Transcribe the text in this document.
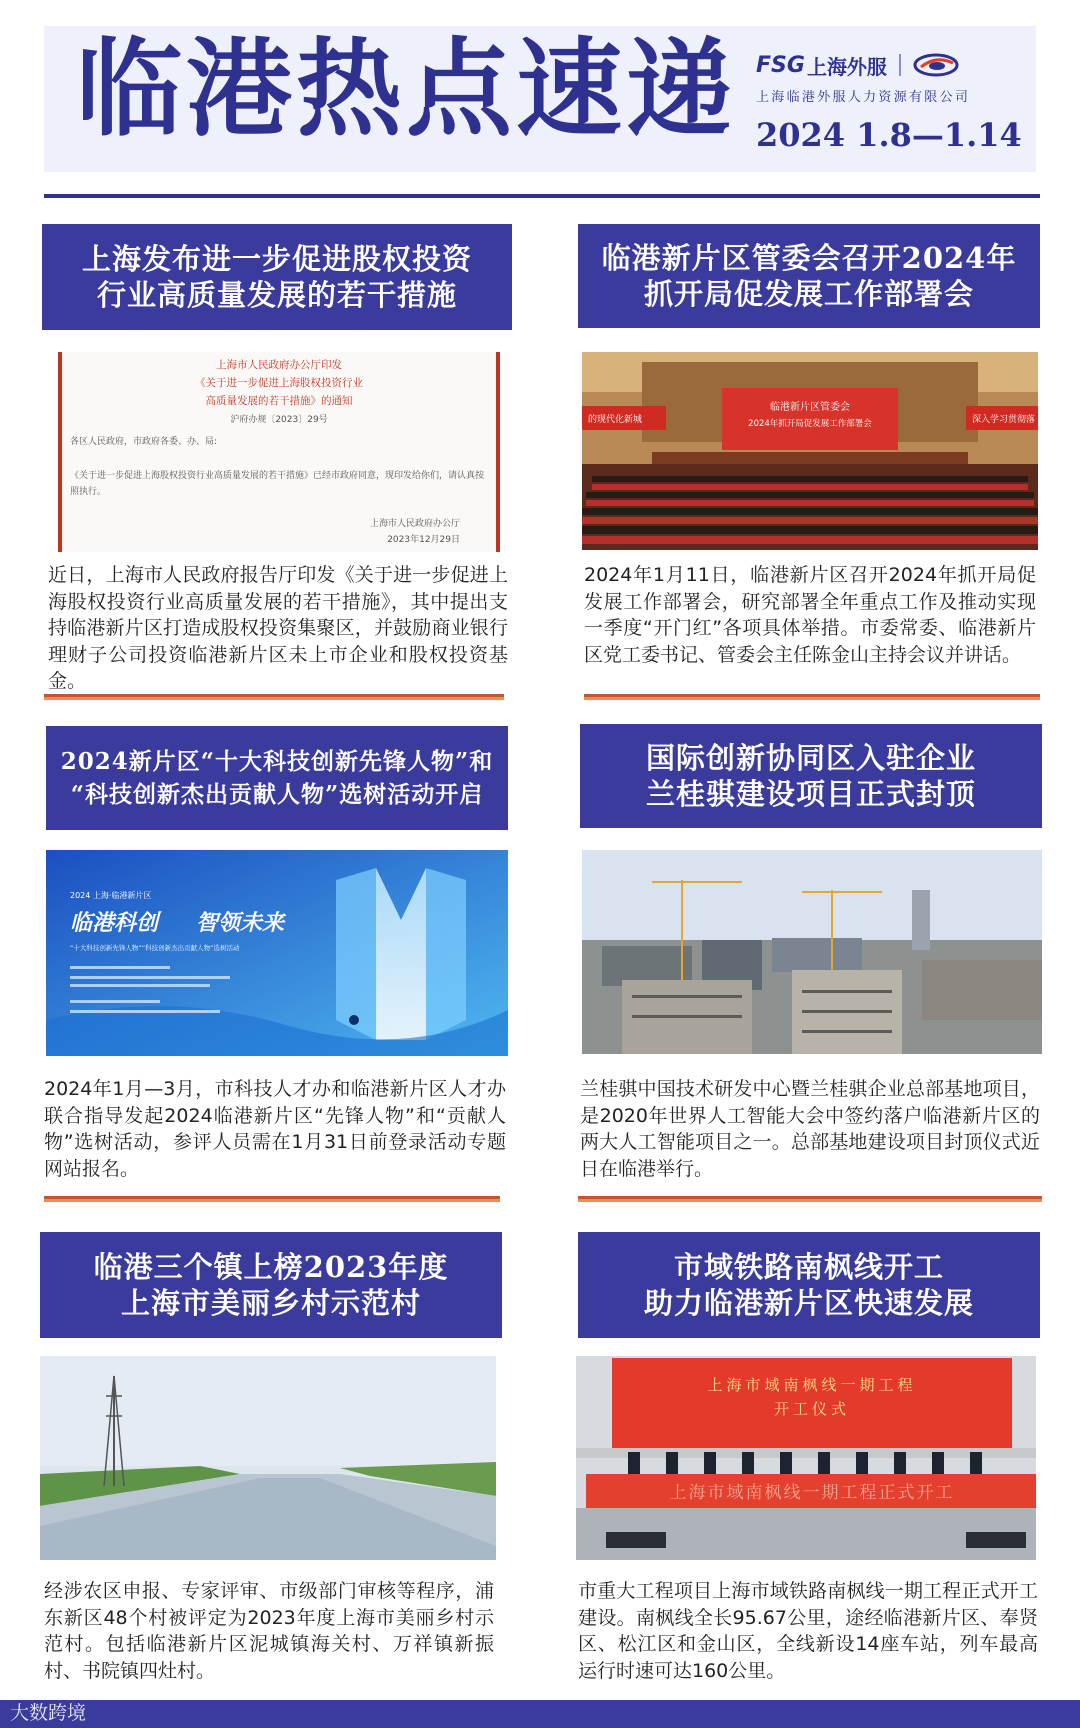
临港热点速递 FSG 上海外服
上海临港外服人力资源有限公司
2024 1.8—1.14
上海发布进一步促进股权投资
行业高质量发展的若干措施
上海市人民政府办公厅印发
《关于进一步促进上海股权投资行业
高质量发展的若干措施》的通知
沪府办规〔2023〕29号
各区人民政府，市政府各委、办、局:
《关于进一步促进上海股权投资行业高质量发展的若干措施》已经市政府同意，现印发给你们，请认真按照执行。
上海市人民政府办公厅
2023年12月29日
近日，上海市人民政府报告厅印发《关于进一步促进上海股权投资行业高质量发展的若干措施》，其中提出支持临港新片区打造成股权投资集聚区，并鼓励商业银行理财子公司投资临港新片区未上市企业和股权投资基金。
临港新片区管委会召开2024年
抓开局促发展工作部署会
临港新片区管委会
2024年抓开局促发展工作部署会
的现代化新城	深入学习贯彻落
2024年1月11日，临港新片区召开2024年抓开局促发展工作部署会，研究部署全年重点工作及推动实现一季度“开门红”各项具体举措。市委常委、临港新片区党工委书记、管委会主任陈金山主持会议并讲话。
2024新片区“十大科技创新先锋人物”和
“科技创新杰出贡献人物”选树活动开启
2024 上海·临港新片区
临港科创 智领未来
“十大科技创新先锋人物”“科技创新杰出贡献人物”选树活动
2024年1月—3月，市科技人才办和临港新片区人才办联合指导发起2024临港新片区“先锋人物”和“贡献人物”选树活动，参评人员需在1月31日前登录活动专题网站报名。
国际创新协同区入驻企业
兰桂骐建设项目正式封顶
兰桂骐中国技术研发中心暨兰桂骐企业总部基地项目，是2020年世界人工智能大会中签约落户临港新片区的两大人工智能项目之一。总部基地建设项目封顶仪式近日在临港举行。
临港三个镇上榜2023年度
上海市美丽乡村示范村
经涉农区申报、专家评审、市级部门审核等程序，浦东新区48个村被评定为2023年度上海市美丽乡村示范村。包括临港新片区泥城镇海关村、万祥镇新振村、书院镇四灶村。
市域铁路南枫线开工
助力临港新片区快速发展
上海市域南枫线一期工程
开工仪式
上海市域南枫线一期工程正式开工
市重大工程项目上海市域铁路南枫线一期工程正式开工建设。南枫线全长95.67公里，途经临港新片区、奉贤区、松江区和金山区，全线新设14座车站，列车最高运行时速可达160公里。
大数跨境
